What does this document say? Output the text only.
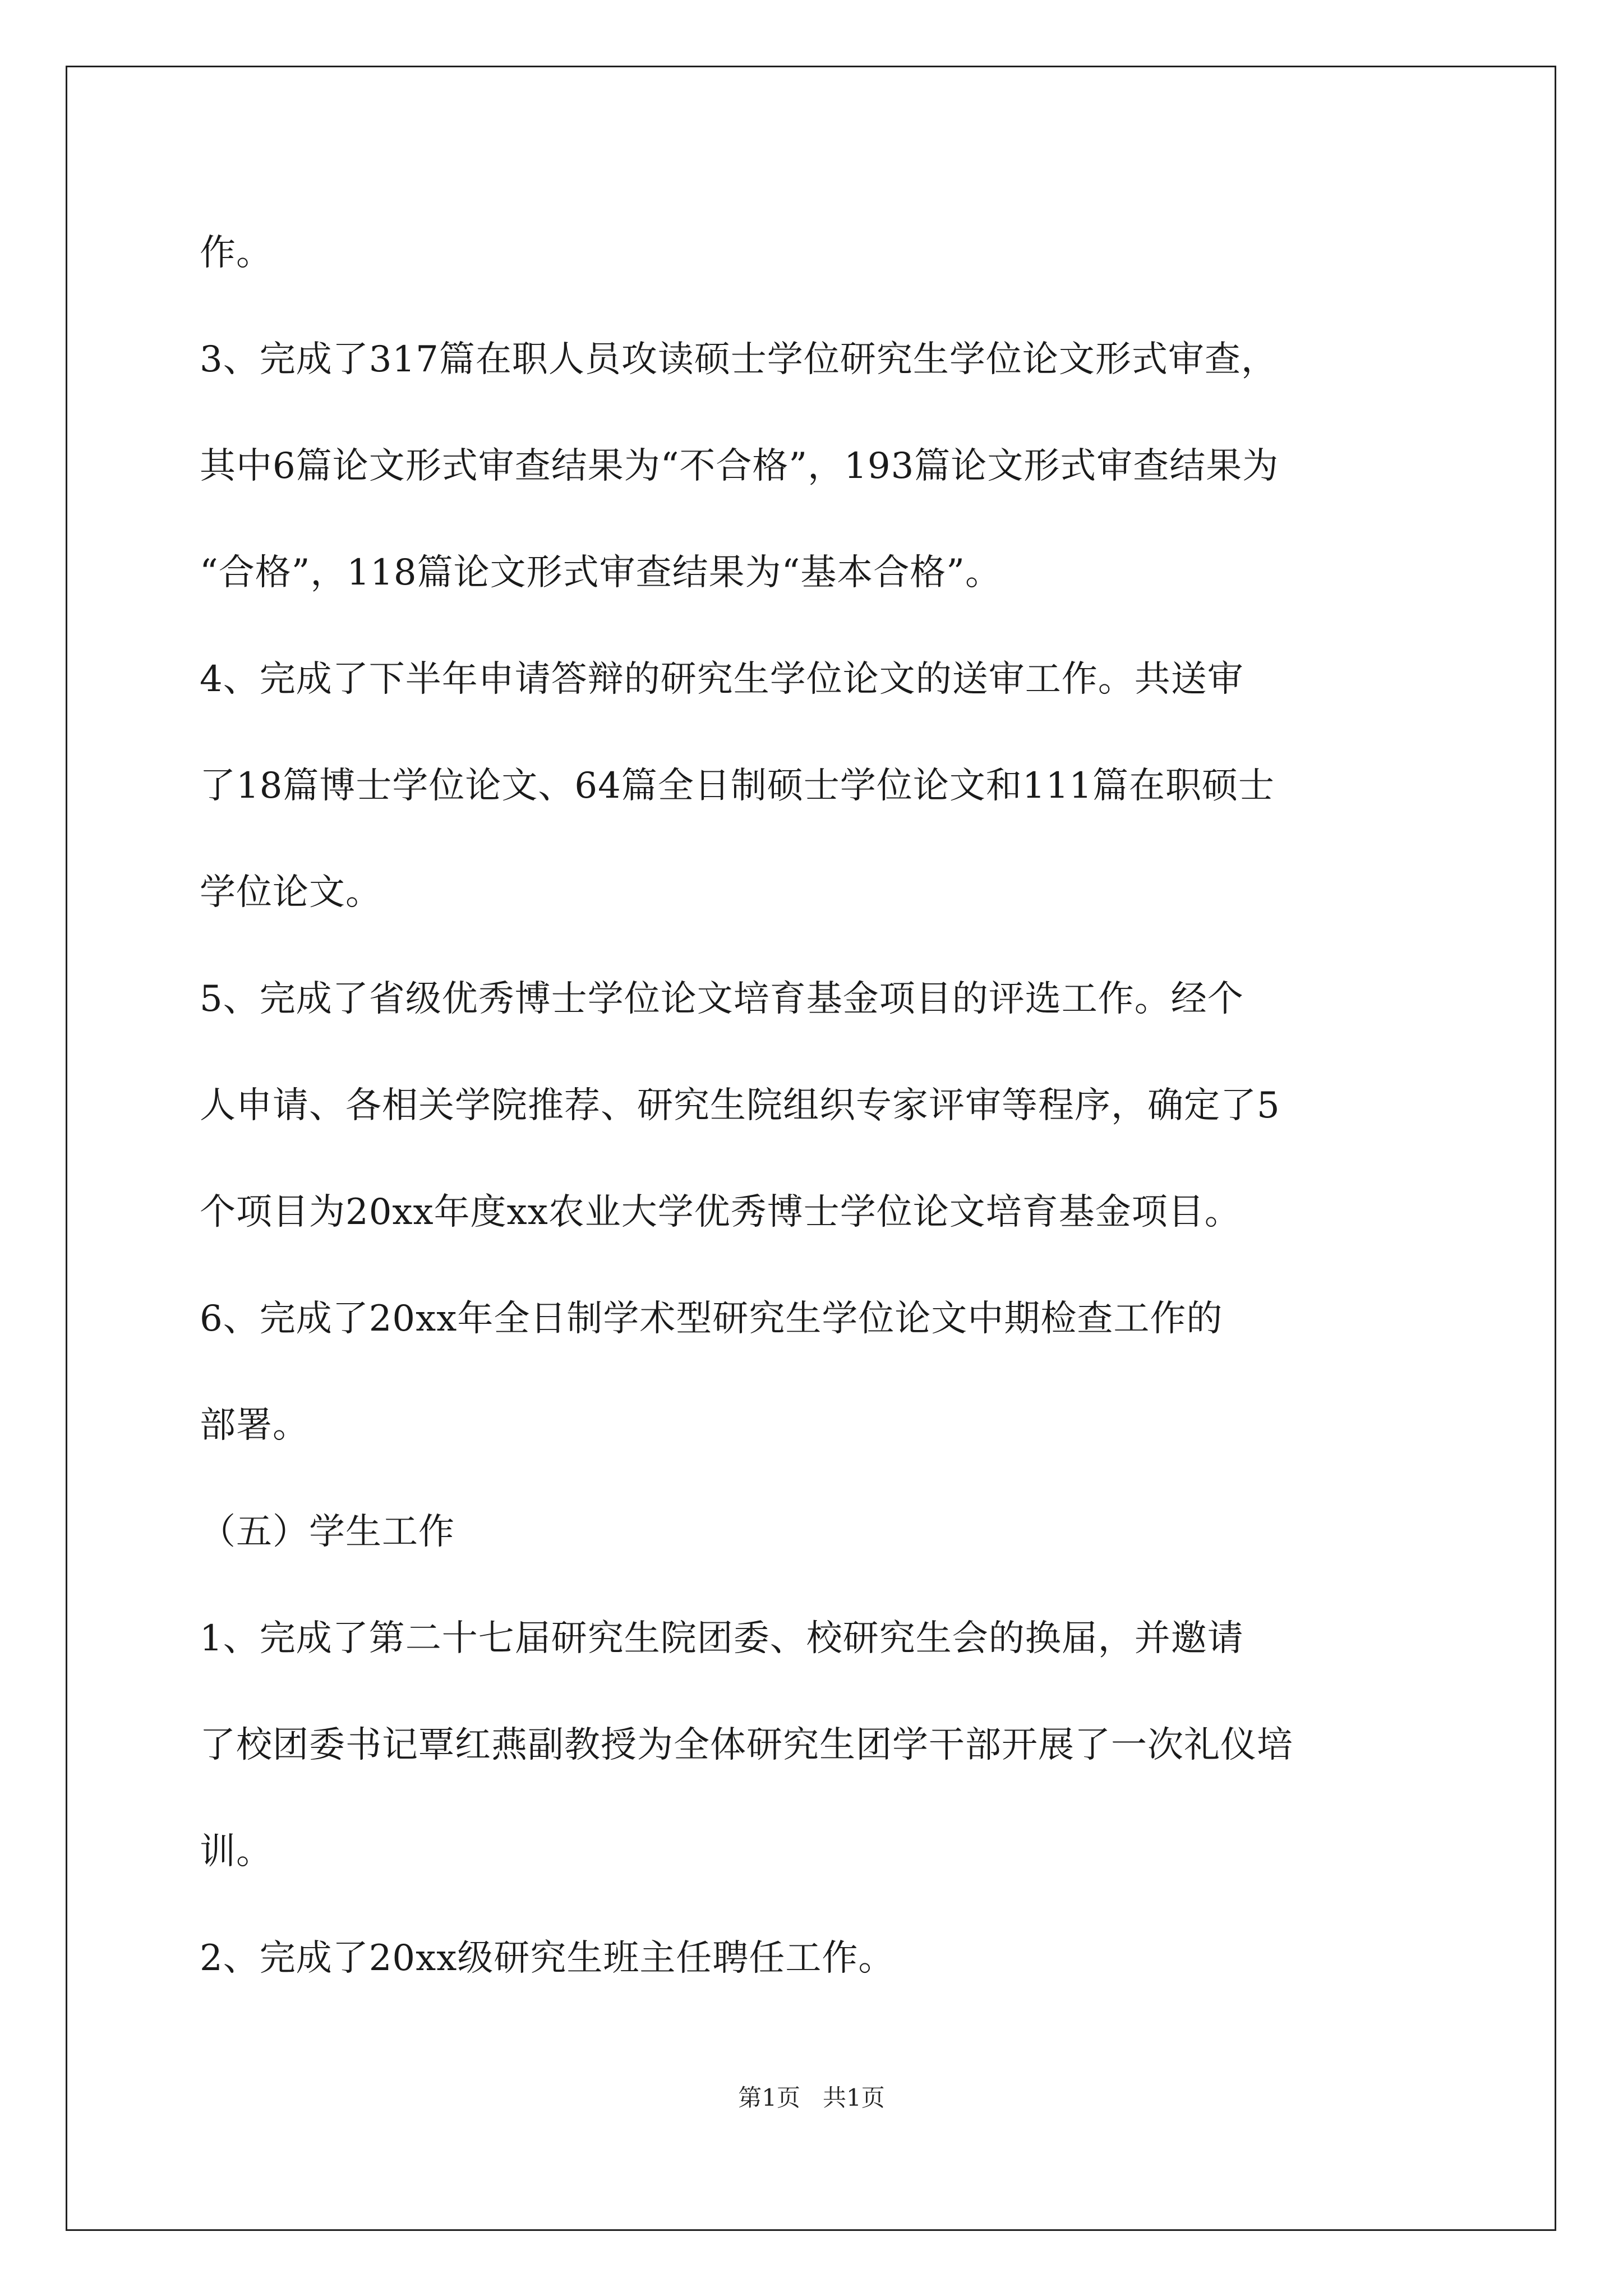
作。
3、完成了317篇在职人员攻读硕士学位研究生学位论文形式审查，
其中6篇论文形式审查结果为“不合格”，193篇论文形式审查结果为
“合格”，118篇论文形式审查结果为“基本合格”。
4、完成了下半年申请答辩的研究生学位论文的送审工作。共送审
了18篇博士学位论文、64篇全日制硕士学位论文和111篇在职硕士
学位论文。
5、完成了省级优秀博士学位论文培育基金项目的评选工作。经个
人申请、各相关学院推荐、研究生院组织专家评审等程序，确定了5
个项目为20xx年度xx农业大学优秀博士学位论文培育基金项目。
6、完成了20xx年全日制学术型研究生学位论文中期检查工作的
部署。
（五）学生工作
1、完成了第二十七届研究生院团委、校研究生会的换届，并邀请
了校团委书记覃红燕副教授为全体研究生团学干部开展了一次礼仪培
训。
2、完成了20xx级研究生班主任聘任工作。
第1页   共1页
